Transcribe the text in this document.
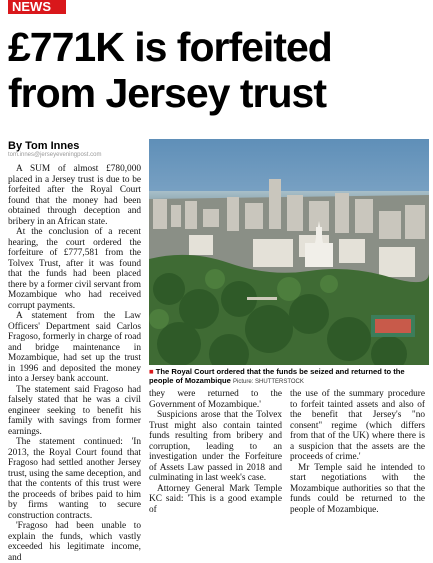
NEWS
£771K is forfeited
from Jersey trust
By Tom Innes
tom.innes@jerseyeveningpost.com

A SUM of almost £780,000 placed in a Jersey trust is due to be forfeited after the Royal Court found that the money had been obtained through deception and bribery in an African state.

At the conclusion of a recent hearing, the court ordered the forfeiture of £777,581 from the Tolvex Trust, after it was found that the funds had been placed there by a former civil servant from Mozambique who had received corrupt payments.

A statement from the Law Officers' Department said Carlos Fragoso, formerly in charge of road and bridge maintenance in Mozambique, had set up the trust in 1996 and deposited the money into a Jersey bank account.

The statement said Fragoso had falsely stated that he was a civil engineer seeking to benefit his family with savings from former earnings.

The statement continued: 'In 2013, the Royal Court found that Fragoso had settled another Jersey trust, using the same deception, and that the contents of this trust were the proceeds of bribes paid to him by firms wanting to secure construction contracts.

'Fragoso had been unable to explain the funds, which vastly exceeded his legitimate income, and

■ The Royal Court ordered that the funds be seized and returned to the people of Mozambique Picture: SHUTTERSTOCK

they were returned to the Government of Mozambique.'

Suspicions arose that the Tolvex Trust might also contain tainted funds resulting from bribery and corruption, leading to an investigation under the Forfeiture of Assets Law passed in 2018 and culminating in last week's case.

Attorney General Mark Temple KC said: 'This is a good example of

the use of the summary procedure to forfeit tainted assets and also of the benefit that Jersey's "no consent" regime (which differs from that of the UK) where there is a suspicion that the assets are the proceeds of crime.'

Mr Temple said he intended to start negotiations with the Mozambique authorities so that the funds could be returned to the people of Mozambique.
